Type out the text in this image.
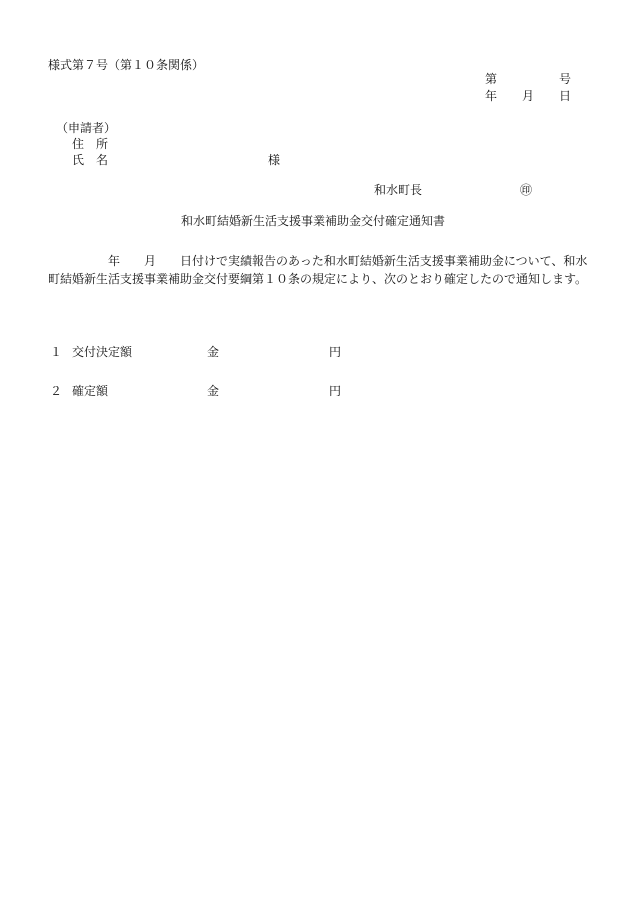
様式第７号（第１０条関係）
第	号
年 月 日
（申請者）
住　所
氏　名	様
和水町長	㊞
和水町結婚新生活支援事業補助金交付確定通知書
年 月 日付けで実績報告のあった和水町結婚新生活支援事業補助金について、和水町結婚新生活支援事業補助金交付要綱第１０条の規定により、次のとおり確定したので通知します。
１ 交付決定額	金	円
２ 確定額	金	円
